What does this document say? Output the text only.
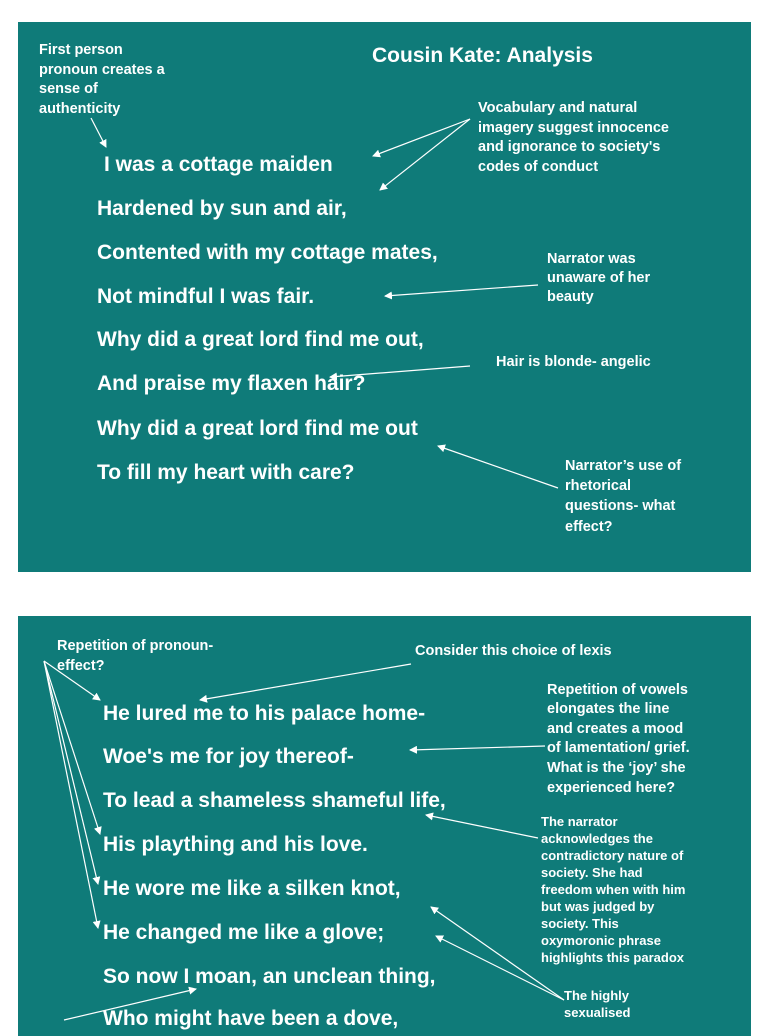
Cousin Kate: Analysis

First person

pronoun creates a

sense of

authenticity	Vocabulary and natural

imagery suggest innocence

and ignorance to society's

codes of conduct

Narrator was

unaware of her

beauty

Hair is blonde- angelic

Narrator’s use of

rhetorical

questions- what

effect?

I was a cottage maiden

Hardened by sun and air,

Contented with my cottage mates,

Not mindful I was fair.

Why did a great lord find me out,

And praise my flaxen hair?

Why did a great lord find me out

To fill my heart with care?

Repetition of pronoun-

effect?

Consider this choice of lexis

Repetition of vowels

elongates the line

and creates a mood

of lamentation/ grief.

What is the ‘joy’ she

experienced here?

The narrator

acknowledges the

contradictory nature of

society. She had

freedom when with him

but was judged by

society. This

oxymoronic phrase

highlights this paradox

The highly

sexualised

He lured me to his palace home-

Woe's me for joy thereof-

To lead a shameless shameful life,

His plaything and his love.

He wore me like a silken knot,

He changed me like a glove;

So now I moan, an unclean thing,

Who might have been a dove,
